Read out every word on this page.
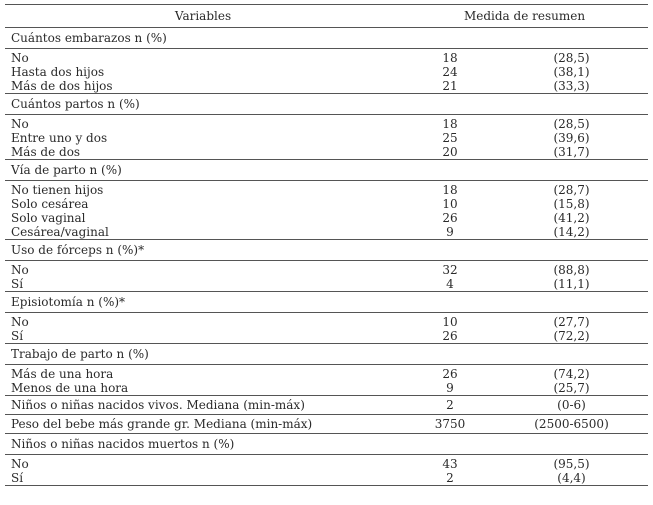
Variables	Medida de resumen	
Cuántos embarazos n (%)		
No	18	(28,5)
Hasta dos hijos	24	(38,1)
Más de dos hijos	21	(33,3)
Cuántos partos n (%)		
No	18	(28,5)
Entre uno y dos	25	(39,6)
Más de dos	20	(31,7)
Vía de parto n (%)		
No tienen hijos	18	(28,7)
Solo cesárea	10	(15,8)
Solo vaginal	26	(41,2)
Cesárea/vaginal	9	(14,2)
Uso de fórceps n (%)*		
No	32	(88,8)
Sí	4	(11,1)
Episiotomía n (%)*		
No	10	(27,7)
Sí	26	(72,2)
Trabajo de parto n (%)		
Más de una hora	26	(74,2)
Menos de una hora	9	(25,7)
Niños o niñas nacidos vivos. Mediana (min-máx)	2	(0-6)
Peso del bebe más grande gr. Mediana (min-máx)	3750	(2500-6500)
Niños o niñas nacidos muertos n (%)		
No	43	(95,5)
Sí	2	(4,4)
